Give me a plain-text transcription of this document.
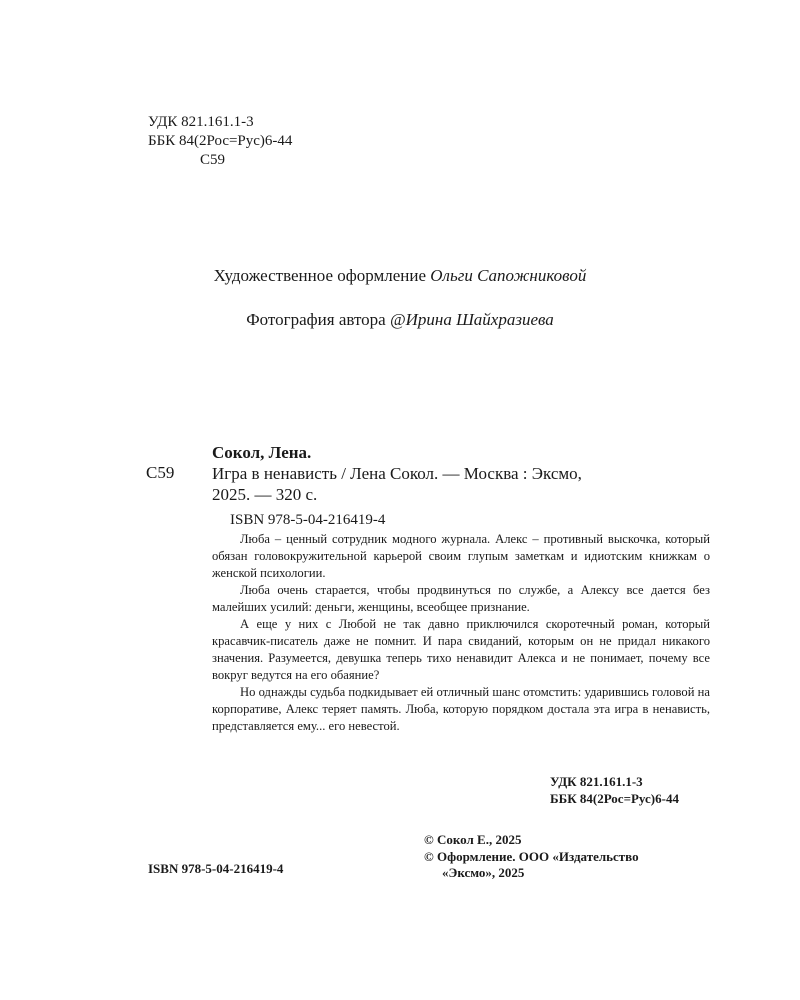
УДК 821.161.1-3
ББК 84(2Рос=Рус)6-44
С59
Художественное оформление Ольги Сапожниковой
Фотография автора @Ирина Шайхразиева
Сокол, Лена.
С59 Игра в ненависть / Лена Сокол. — Москва : Эксмо,
2025. — 320 с.
ISBN 978-5-04-216419-4

Люба – ценный сотрудник модного журнала. Алекс – противный выскочка, который обязан головокружительной карьерой своим глупым заметкам и идиотским книжкам о женской психологии.

Люба очень старается, чтобы продвинуться по службе, а Алексу все дается без малейших усилий: деньги, женщины, всеобщее признание.

А еще у них с Любой не так давно приключился скоротечный роман, который красавчик-писатель даже не помнит. И пара свиданий, которым он не придал никакого значения. Разумеется, девушка теперь тихо ненавидит Алекса и не понимает, почему все вокруг ведутся на его обаяние?

Но однажды судьба подкидывает ей отличный шанс отомстить: ударившись головой на корпоративе, Алекс теряет память. Люба, которую порядком достала эта игра в ненависть, представляется ему... его невестой.

УДК 821.161.1-3
ББК 84(2Рос=Рус)6-44
© Сокол Е., 2025
© Оформление. ООО «Издательство
«Эксмо», 2025
ISBN 978-5-04-216419-4
